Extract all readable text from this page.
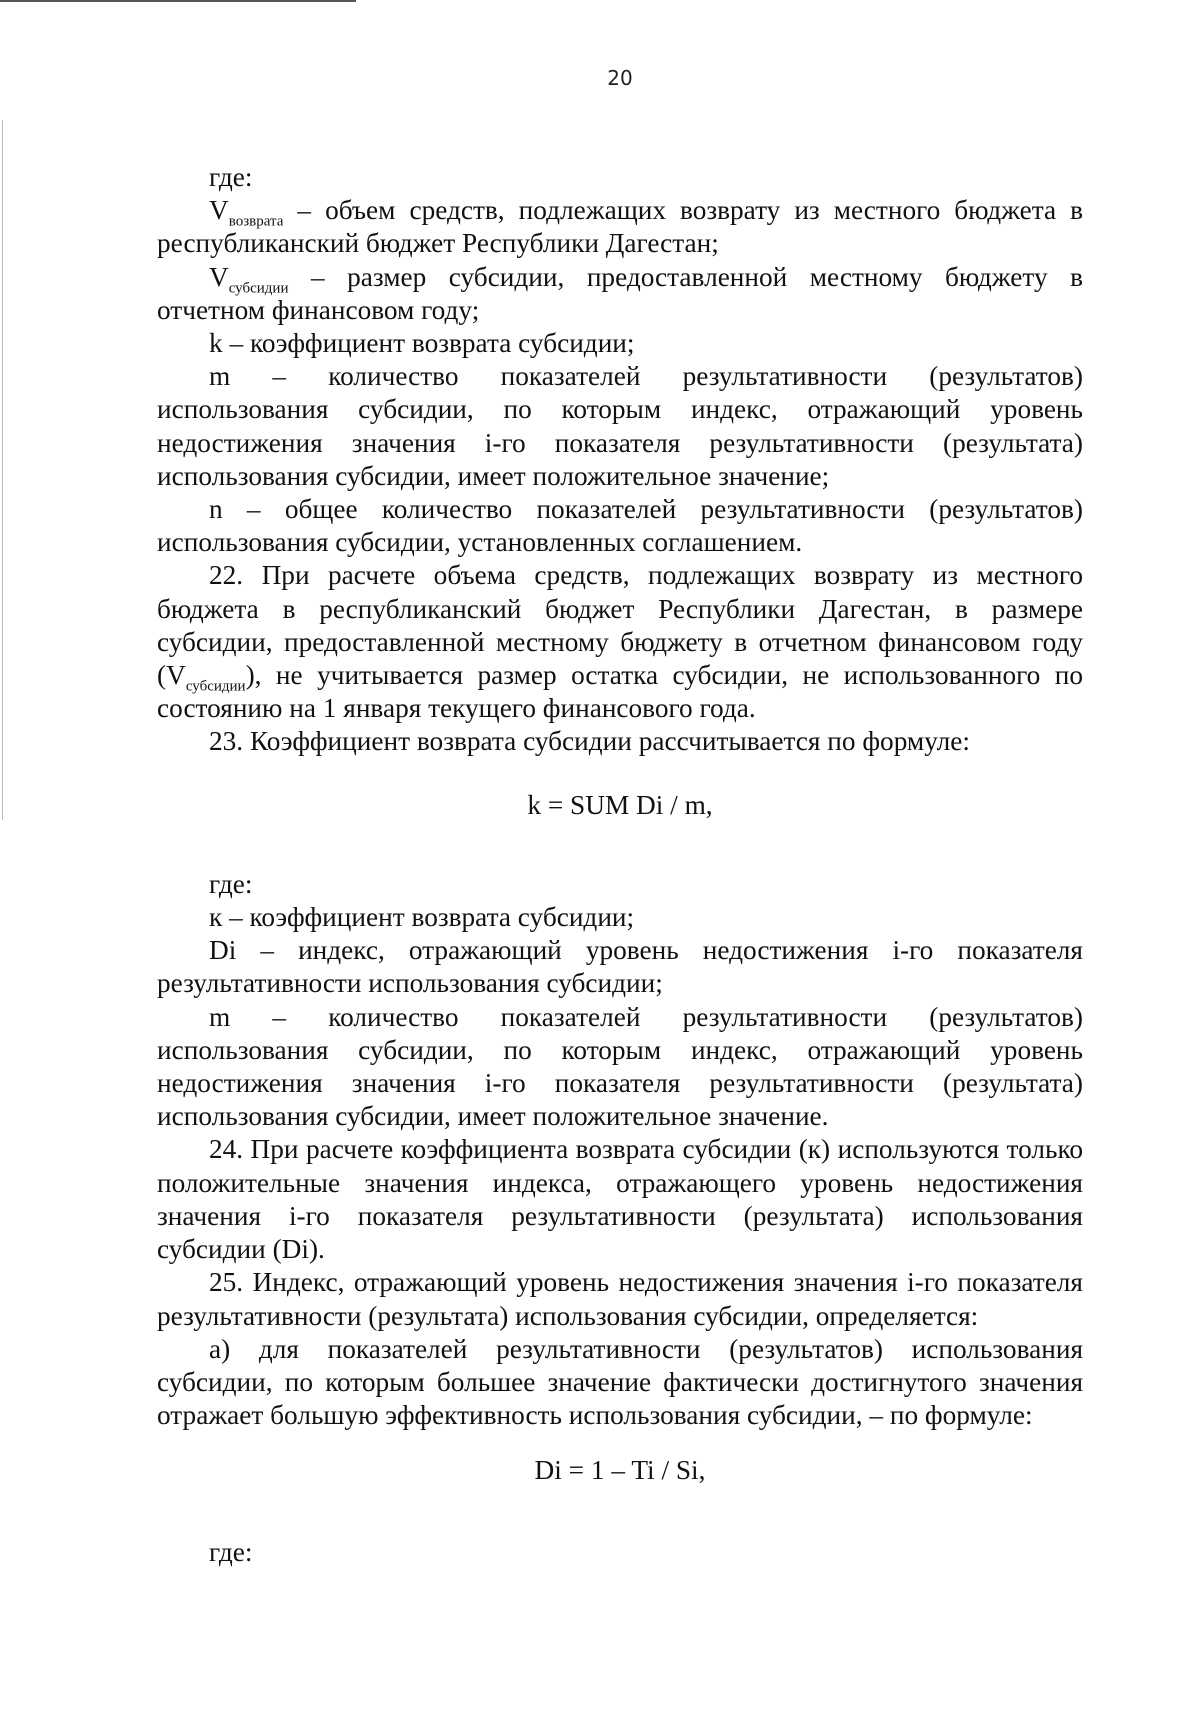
20

где:

$V_{возврата}$ – объем средств, подлежащих возврату из местного бюджета в республиканский бюджет Республики Дагестан;

$V_{субсидии}$ – размер субсидии, предоставленной местному бюджету в отчетном финансовом году;

k – коэффициент возврата субсидии;

m – количество показателей результативности (результатов) использования субсидии, по которым индекс, отражающий уровень недостижения значения i-го показателя результативности (результата) использования субсидии, имеет положительное значение;

n – общее количество показателей результативности (результатов) использования субсидии, установленных соглашением.

22. При расчете объема средств, подлежащих возврату из местного бюджета в республиканский бюджет Республики Дагестан, в размере субсидии, предоставленной местному бюджету в отчетном финансовом году $(V_{субсидии})$, не учитывается размер остатка субсидии, не использованного по состоянию на 1 января текущего финансового года.

23. Коэффициент возврата субсидии рассчитывается по формуле:

k = SUM Di / m,

где:

к – коэффициент возврата субсидии;

Di – индекс, отражающий уровень недостижения i-го показателя результативности использования субсидии;

m – количество показателей результативности (результатов) использования субсидии, по которым индекс, отражающий уровень недостижения значения i-го показателя результативности (результата) использования субсидии, имеет положительное значение.

24. При расчете коэффициента возврата субсидии (к) используются только положительные значения индекса, отражающего уровень недостижения значения i-го показателя результативности (результата) использования субсидии (Di).

25. Индекс, отражающий уровень недостижения значения i-го показателя результативности (результата) использования субсидии, определяется:

а) для показателей результативности (результатов) использования субсидии, по которым большее значение фактически достигнутого значения отражает большую эффективность использования субсидии, – по формуле:

Di = 1 – Ti / Si,

где:
